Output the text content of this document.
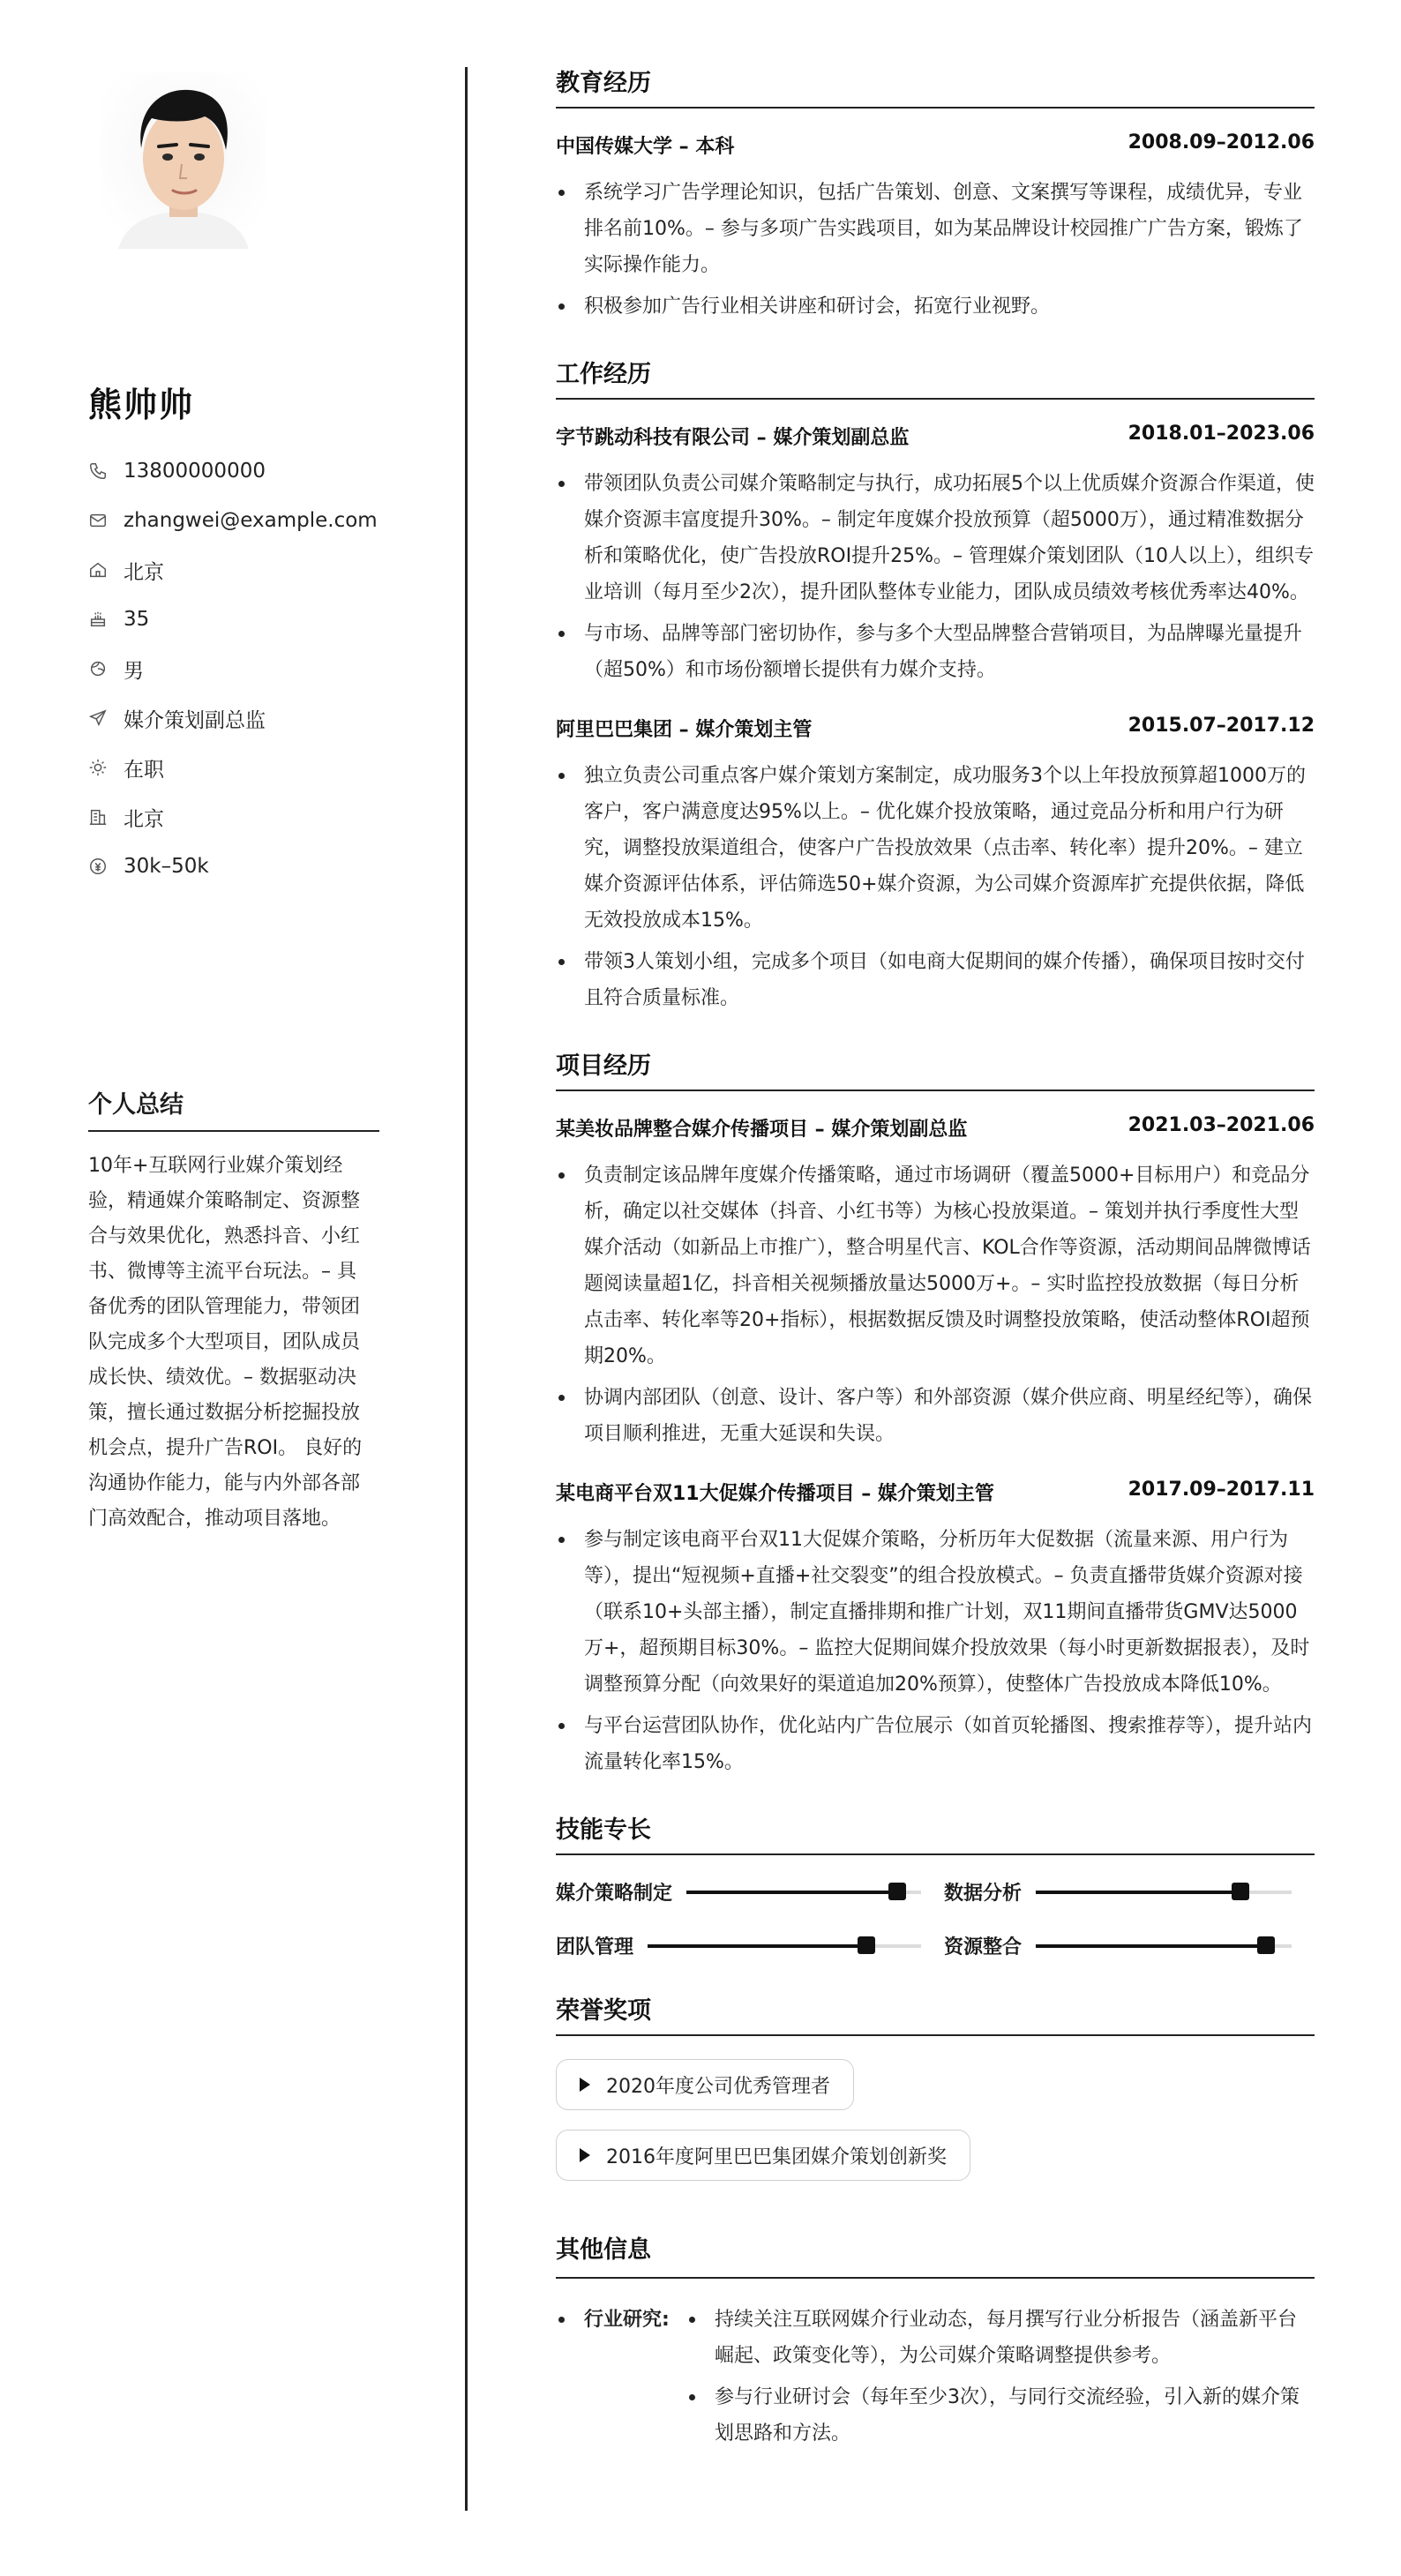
熊帅帅
13800000000
zhangwei@example.com
北京
35
男
媒介策划副总监
在职
北京
30k–50k
个人总结
10年+互联网行业媒介策划经验，精通媒介策略制定、资源整合与效果优化，熟悉抖音、小红书、微博等主流平台玩法。– 具备优秀的团队管理能力，带领团队完成多个大型项目，团队成员成长快、绩效优。– 数据驱动决策，擅长通过数据分析挖掘投放机会点，提升广告ROI。 良好的沟通协作能力，能与内外部各部门高效配合，推动项目落地。
教育经历
中国传媒大学 – 本科	2008.09–2012.06
系统学习广告学理论知识，包括广告策划、创意、文案撰写等课程，成绩优异，专业排名前10%。– 参与多项广告实践项目，如为某品牌设计校园推广广告方案，锻炼了实际操作能力。
积极参加广告行业相关讲座和研讨会，拓宽行业视野。
工作经历
字节跳动科技有限公司 – 媒介策划副总监	2018.01–2023.06
带领团队负责公司媒介策略制定与执行，成功拓展5个以上优质媒介资源合作渠道，使媒介资源丰富度提升30%。– 制定年度媒介投放预算（超5000万），通过精准数据分析和策略优化，使广告投放ROI提升25%。– 管理媒介策划团队（10人以上），组织专业培训（每月至少2次），提升团队整体专业能力，团队成员绩效考核优秀率达40%。
与市场、品牌等部门密切协作，参与多个大型品牌整合营销项目，为品牌曝光量提升（超50%）和市场份额增长提供有力媒介支持。
阿里巴巴集团 – 媒介策划主管	2015.07–2017.12
独立负责公司重点客户媒介策划方案制定，成功服务3个以上年投放预算超1000万的客户，客户满意度达95%以上。– 优化媒介投放策略，通过竞品分析和用户行为研究，调整投放渠道组合，使客户广告投放效果（点击率、转化率）提升20%。– 建立媒介资源评估体系，评估筛选50+媒介资源，为公司媒介资源库扩充提供依据，降低无效投放成本15%。
带领3人策划小组，完成多个项目（如电商大促期间的媒介传播），确保项目按时交付且符合质量标准。
项目经历
某美妆品牌整合媒介传播项目 – 媒介策划副总监	2021.03–2021.06
负责制定该品牌年度媒介传播策略，通过市场调研（覆盖5000+目标用户）和竞品分析，确定以社交媒体（抖音、小红书等）为核心投放渠道。– 策划并执行季度性大型媒介活动（如新品上市推广），整合明星代言、KOL合作等资源，活动期间品牌微博话题阅读量超1亿，抖音相关视频播放量达5000万+。– 实时监控投放数据（每日分析点击率、转化率等20+指标），根据数据反馈及时调整投放策略，使活动整体ROI超预期20%。
协调内部团队（创意、设计、客户等）和外部资源（媒介供应商、明星经纪等），确保项目顺利推进，无重大延误和失误。
某电商平台双11大促媒介传播项目 – 媒介策划主管	2017.09–2017.11
参与制定该电商平台双11大促媒介策略，分析历年大促数据（流量来源、用户行为等），提出“短视频+直播+社交裂变”的组合投放模式。– 负责直播带货媒介资源对接（联系10+头部主播），制定直播排期和推广计划，双11期间直播带货GMV达5000万+，超预期目标30%。– 监控大促期间媒介投放效果（每小时更新数据报表），及时调整预算分配（向效果好的渠道追加20%预算），使整体广告投放成本降低10%。
与平台运营团队协作，优化站内广告位展示（如首页轮播图、搜索推荐等），提升站内流量转化率15%。
技能专长
媒介策略制定	数据分析
团队管理	资源整合
荣誉奖项
2020年度公司优秀管理者
2016年度阿里巴巴集团媒介策划创新奖
其他信息
行业研究:	持续关注互联网媒介行业动态，每月撰写行业分析报告（涵盖新平台崛起、政策变化等），为公司媒介策略调整提供参考。
参与行业研讨会（每年至少3次），与同行交流经验，引入新的媒介策划思路和方法。
